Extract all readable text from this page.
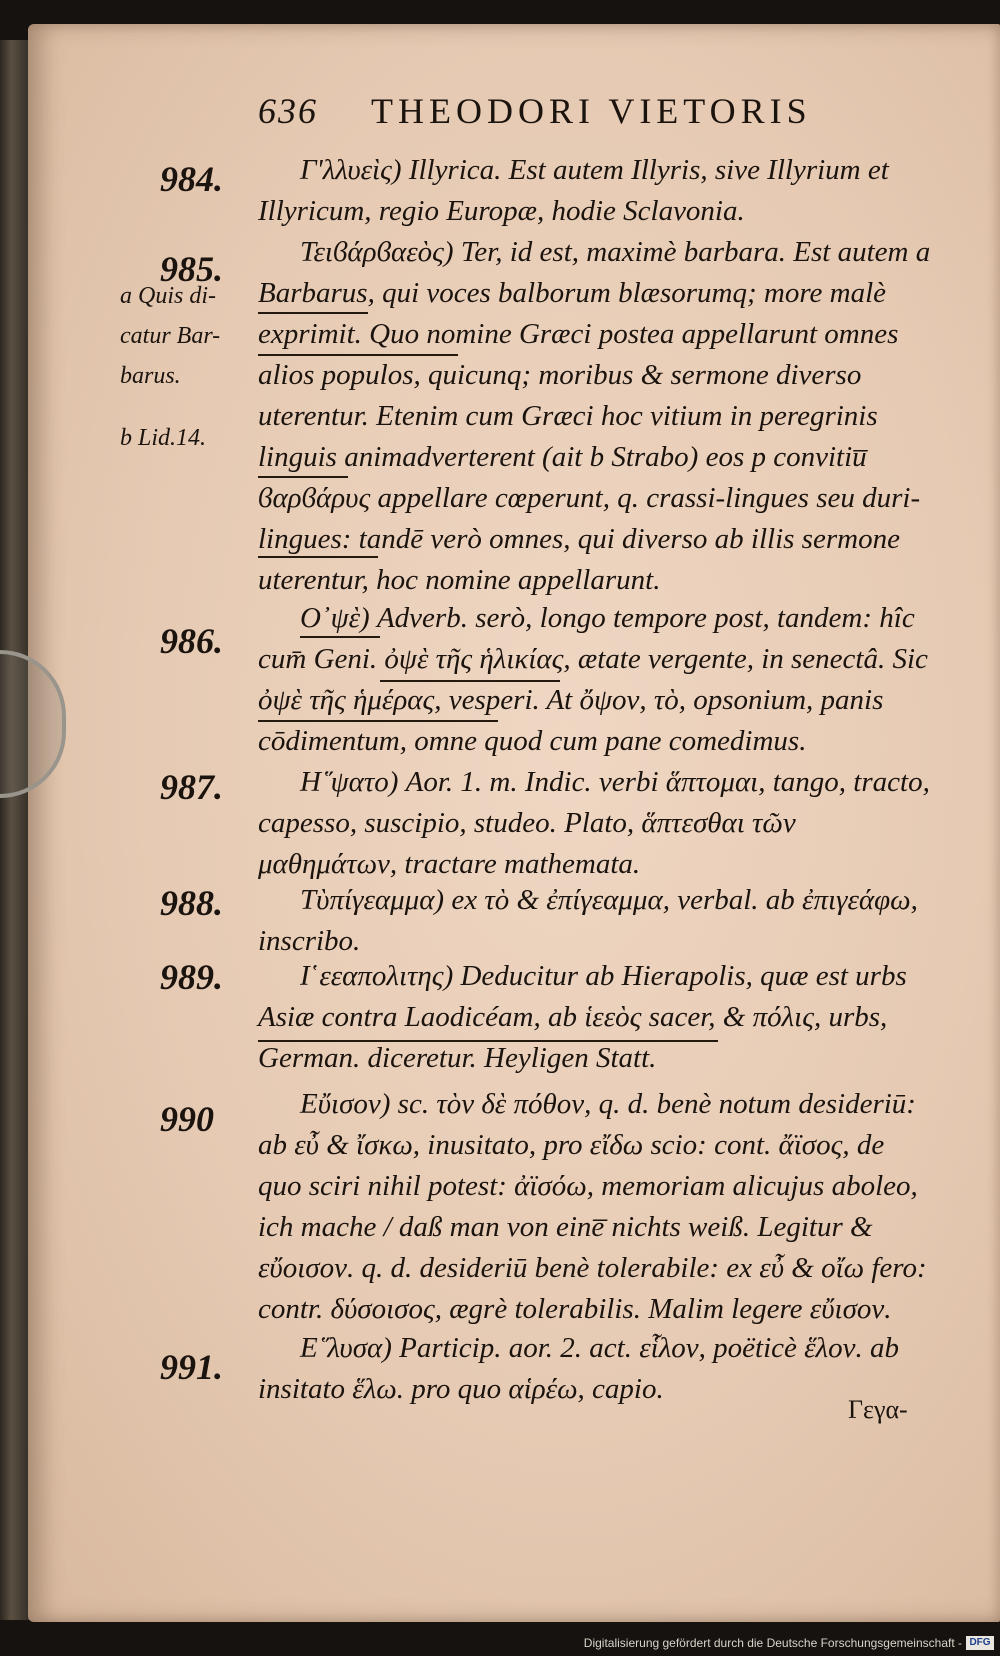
636 THEODORI VIETORIS
a Quis di-
catur Bar-
barus.
b Lid.14.
984.
985.
986.
987.
988.
989.
990
991.

Γ'λλυεὶς) Illyrica. Est autem Illyris, sive Illyrium et Illyricum, regio Europæ, hodie Sclavonia.

Τειϐάρϐαεὸς) Ter, id est, maximè barbara. Est autem a Barbarus, qui voces balborum blæsorumq; more malè exprimit. Quo nomine Græci postea appellarunt omnes alios populos, quicunq; moribus & sermone diverso uterentur. Etenim cum Græci hoc vitium in peregrinis linguis animadverterent (ait b Strabo) eos p convitiu̅ ϐαρϐάρυς appellare cœperunt, q. crassi-lingues seu duri-lingues: tandē verò omnes, qui diverso ab illis sermone uterentur, hoc nomine appellarunt.

Ο᾿ψὲ) Adverb. serò, longo tempore post, tandem: hîc cum̄ Geni. ὀψὲ τῆς ἡλικίας, ætate vergente, in senectâ. Sic ὀψὲ τῆς ἡμέρας, vesperi. At ὄψον, τὸ, opsonium, panis cōdimentum, omne quod cum pane comedimus.

Η῞ψατο) Aor. 1. m. Indic. verbi ἅπτομαι, tango, tracto, capesso, suscipio, studeo. Plato, ἅπτεσθαι τῶν μαθημάτων, tractare mathemata.

Τὺπίγεαμμα) ex τὸ & ἐπίγεαμμα, verbal. ab ἐπιγεάφω, inscribo.

Ι῾εεαπολιτης) Deducitur ab Hierapolis, quæ est urbs Asiæ contra Laodicéam, ab ἱεεὸς sacer, & πόλις, urbs, German. diceretur. Heyligen Statt.

Εὔισον) sc. τὸν δὲ πόθον, q. d. benè notum desideriū: ab εὖ & ἴσκω, inusitato, pro εἴδω scio: cont. ἄϊσος, de quo sciri nihil potest: ἀϊσόω, memoriam alicujus aboleo, ich mache / daß man von eine̅ nichts weiß. Legitur & εὔοισον. q. d. desideriū benè tolerabile: ex εὖ & οἴω fero: contr. δύσοισος, ægrè tolerabilis. Malim legere εὔισον.

Ε῞λυσα) Particip. aor. 2. act. εἷλον, poëticè ἕλον. ab insitato ἕλω. pro quo αἱρέω, capio.

Γεγα-
Digitalisierung gefördert durch die Deutsche Forschungsgemeinschaft - DFG
